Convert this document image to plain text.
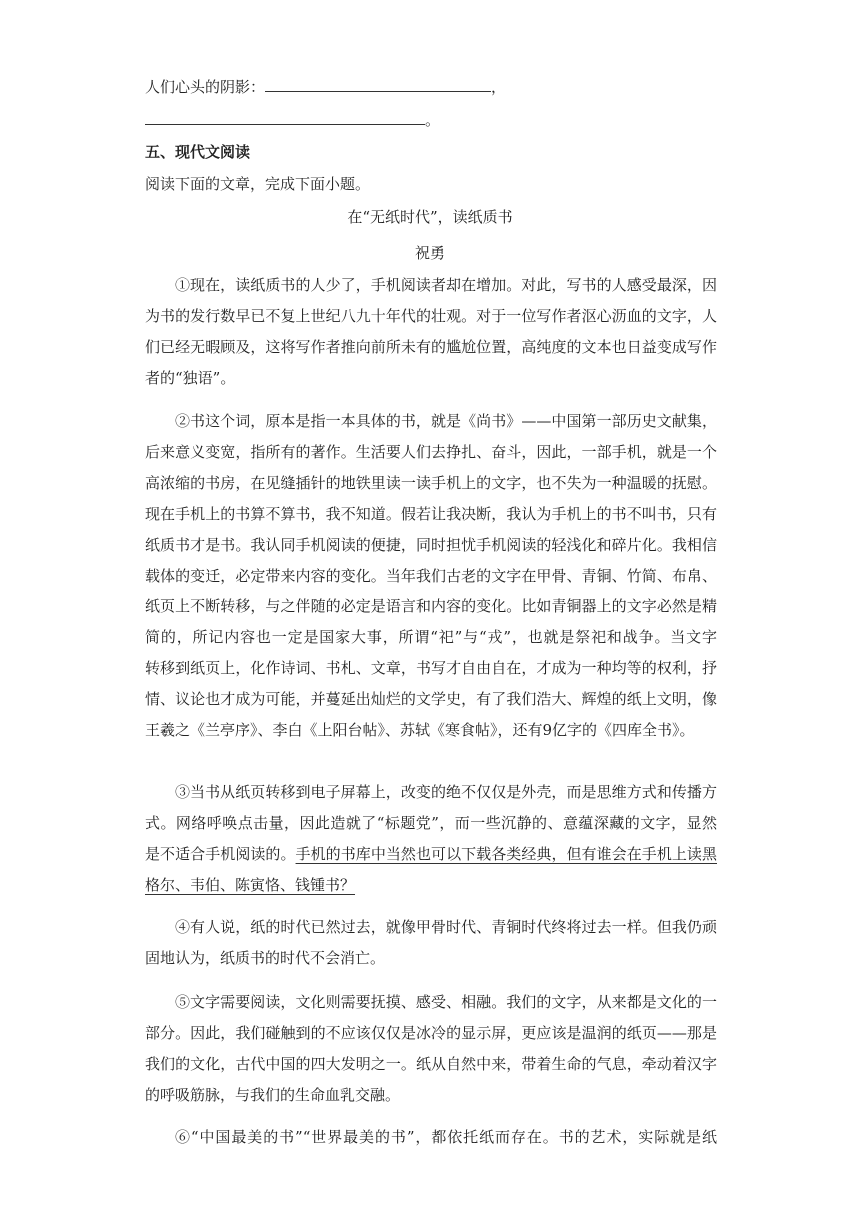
人们心头的阴影：	，
。
五、现代文阅读
阅读下面的文章，完成下面小题。
在“无纸时代”，读纸质书
祝勇
①现在，读纸质书的人少了，手机阅读者却在增加。对此，写书的人感受最深，因
为书的发行数早已不复上世纪八九十年代的壮观。对于一位写作者沤心沥血的文字，人
们已经无暇顾及，这将写作者推向前所未有的尴尬位置，高纯度的文本也日益变成写作
者的“独语”。
②书这个词，原本是指一本具体的书，就是《尚书》——中国第一部历史文献集，
后来意义变宽，指所有的著作。生活要人们去挣扎、奋斗，因此，一部手机，就是一个
高浓缩的书房，在见缝插针的地铁里读一读手机上的文字，也不失为一种温暖的抚慰。
现在手机上的书算不算书，我不知道。假若让我决断，我认为手机上的书不叫书，只有
纸质书才是书。我认同手机阅读的便捷，同时担忧手机阅读的轻浅化和碎片化。我相信
载体的变迁，必定带来内容的变化。当年我们古老的文字在甲骨、青铜、竹简、布帛、
纸页上不断转移，与之伴随的必定是语言和内容的变化。比如青铜器上的文字必然是精
简的，所记内容也一定是国家大事，所谓“祀”与“戎”，也就是祭祀和战争。当文字
转移到纸页上，化作诗词、书札、文章，书写才自由自在，才成为一种均等的权利，抒
情、议论也才成为可能，并蔓延出灿烂的文学史，有了我们浩大、辉煌的纸上文明，像
王羲之《兰亭序》、李白《上阳台帖》、苏轼《寒食帖》，还有9亿字的《四库全书》。
③当书从纸页转移到电子屏幕上，改变的绝不仅仅是外壳，而是思维方式和传播方
式。网络呼唤点击量，因此造就了“标题党”，而一些沉静的、意蕴深藏的文字，显然
是不适合手机阅读的。手机的书库中当然也可以下载各类经典，但有谁会在手机上读黑
格尔、韦伯、陈寅恪、钱锺书？
④有人说，纸的时代已然过去，就像甲骨时代、青铜时代终将过去一样。但我仍顽
固地认为，纸质书的时代不会消亡。
⑤文字需要阅读，文化则需要抚摸、感受、相融。我们的文字，从来都是文化的一
部分。因此，我们碰触到的不应该仅仅是冰冷的显示屏，更应该是温润的纸页——那是
我们的文化，古代中国的四大发明之一。纸从自然中来，带着生命的气息，牵动着汉字
的呼吸筋脉，与我们的生命血乳交融。
⑥“中国最美的书”“世界最美的书”，都依托纸而存在。书的艺术，实际就是纸
